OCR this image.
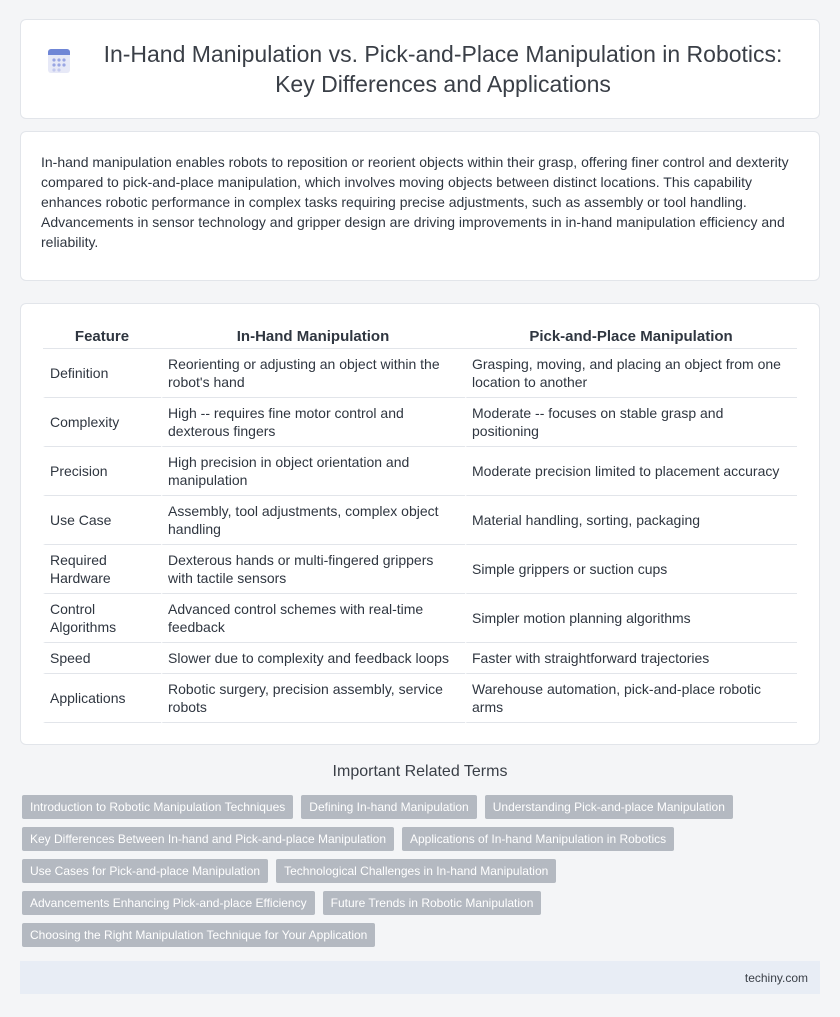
In-Hand Manipulation vs. Pick-and-Place Manipulation in Robotics: Key Differences and Applications

In-hand manipulation enables robots to reposition or reorient objects within their grasp, offering finer control and dexterity compared to pick-and-place manipulation, which involves moving objects between distinct locations. This capability enhances robotic performance in complex tasks requiring precise adjustments, such as assembly or tool handling. Advancements in sensor technology and gripper design are driving improvements in in-hand manipulation efficiency and reliability.

Feature	In-Hand Manipulation	Pick-and-Place Manipulation
Definition	Reorienting or adjusting an object within the robot's hand	Grasping, moving, and placing an object from one location to another
Complexity	High -- requires fine motor control and dexterous fingers	Moderate -- focuses on stable grasp and positioning
Precision	High precision in object orientation and manipulation	Moderate precision limited to placement accuracy
Use Case	Assembly, tool adjustments, complex object handling	Material handling, sorting, packaging
Required Hardware	Dexterous hands or multi-fingered grippers with tactile sensors	Simple grippers or suction cups
Control Algorithms	Advanced control schemes with real-time feedback	Simpler motion planning algorithms
Speed	Slower due to complexity and feedback loops	Faster with straightforward trajectories
Applications	Robotic surgery, precision assembly, service robots	Warehouse automation, pick-and-place robotic arms
Important Related Terms
Introduction to Robotic Manipulation Techniques	Defining In-hand Manipulation	Understanding Pick-and-place Manipulation
Key Differences Between In-hand and Pick-and-place Manipulation	Applications of In-hand Manipulation in Robotics
Use Cases for Pick-and-place Manipulation	Technological Challenges in In-hand Manipulation
Advancements Enhancing Pick-and-place Efficiency	Future Trends in Robotic Manipulation
Choosing the Right Manipulation Technique for Your Application
techiny.com
